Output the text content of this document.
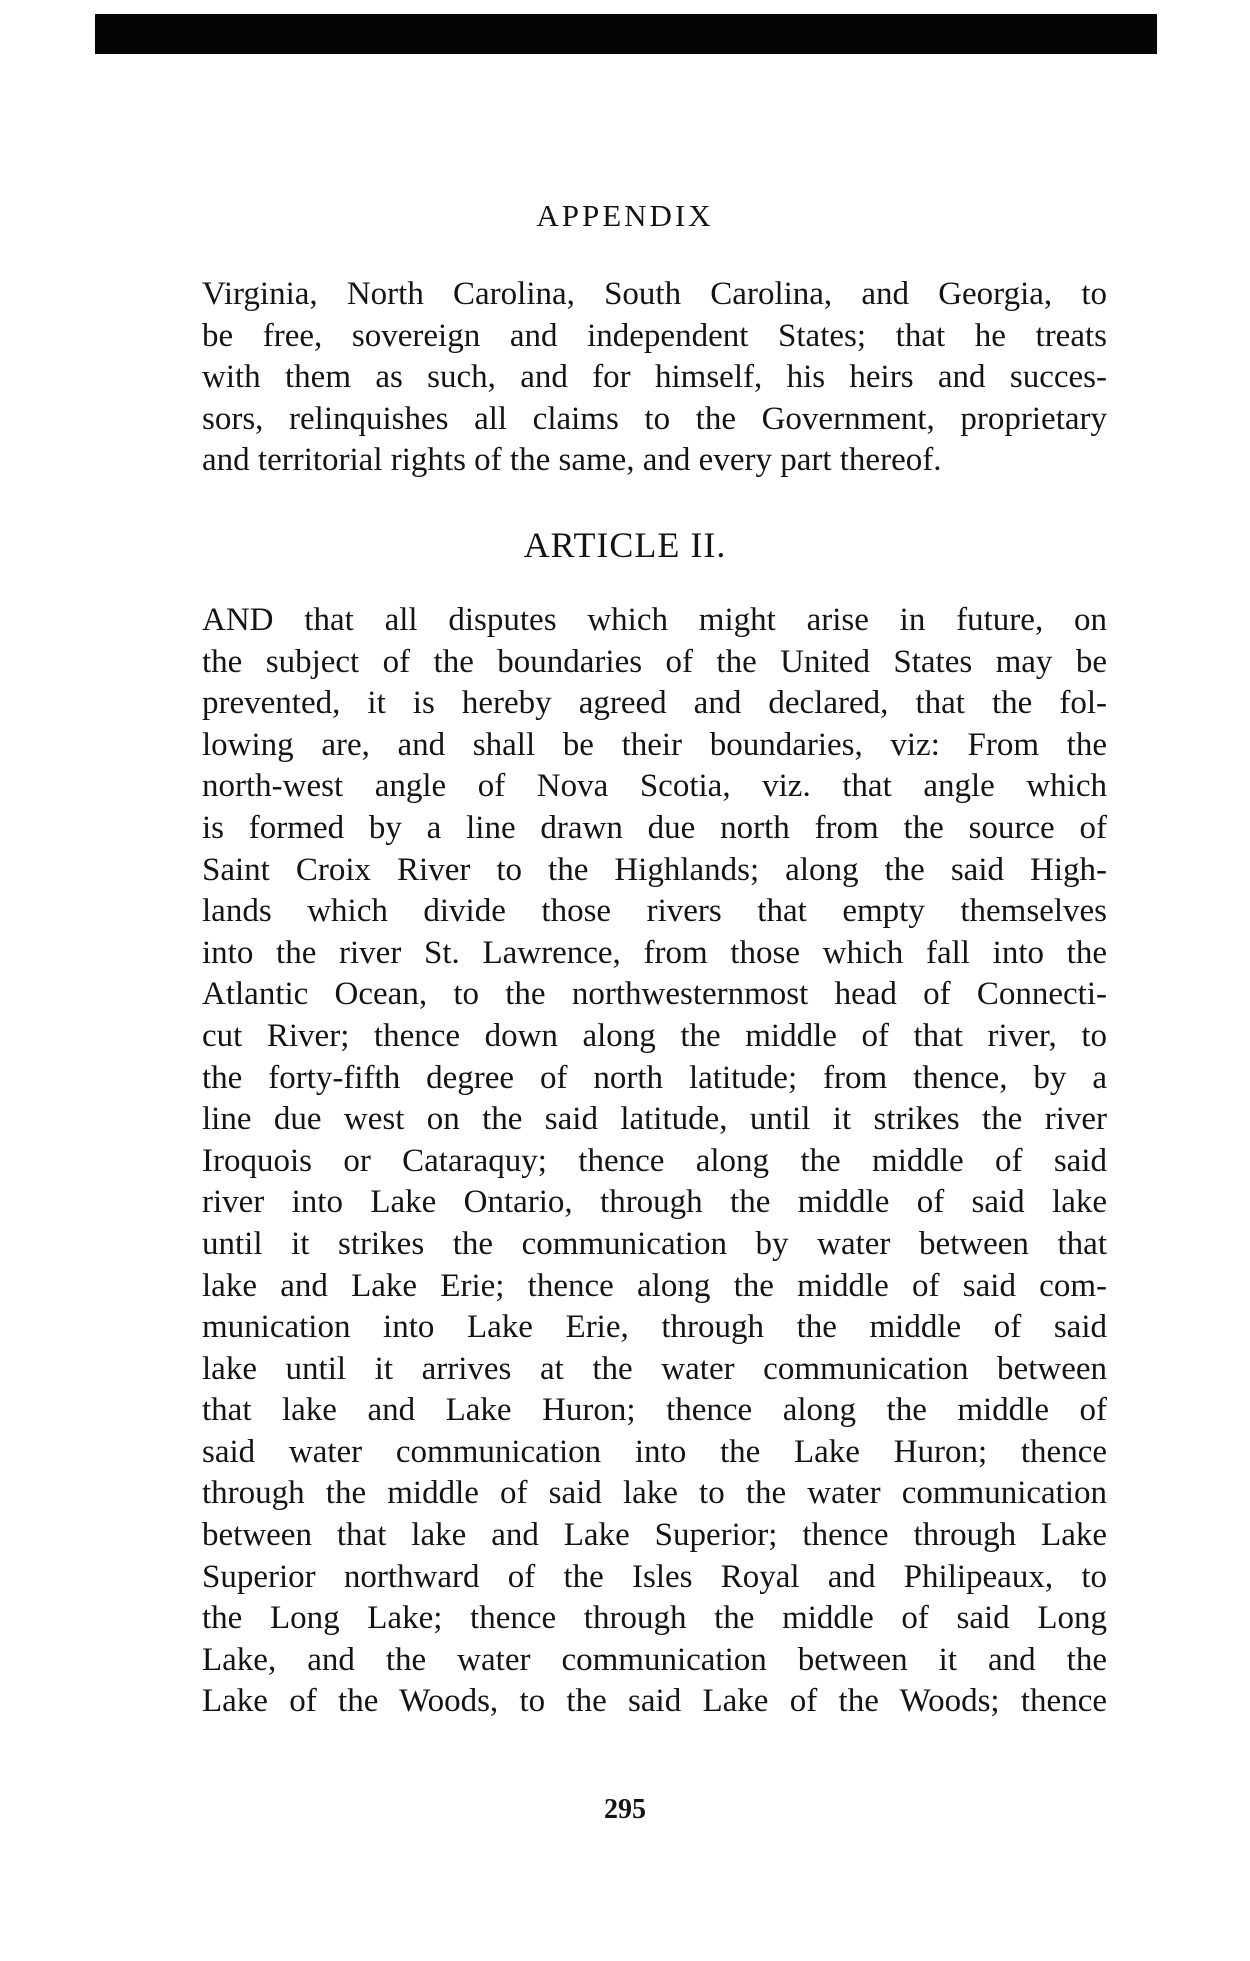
APPENDIX
Virginia, North Carolina, South Carolina, and Georgia, to
be free, sovereign and independent States; that he treats
with them as such, and for himself, his heirs and succes-
sors, relinquishes all claims to the Government, proprietary
and territorial rights of the same, and every part thereof.
ARTICLE II.
AND that all disputes which might arise in future, on
the subject of the boundaries of the United States may be
prevented, it is hereby agreed and declared, that the fol-
lowing are, and shall be their boundaries, viz: From the
north-west angle of Nova Scotia, viz. that angle which
is formed by a line drawn due north from the source of
Saint Croix River to the Highlands; along the said High-
lands which divide those rivers that empty themselves
into the river St. Lawrence, from those which fall into the
Atlantic Ocean, to the northwesternmost head of Connecti-
cut River; thence down along the middle of that river, to
the forty-fifth degree of north latitude; from thence, by a
line due west on the said latitude, until it strikes the river
Iroquois or Cataraquy; thence along the middle of said
river into Lake Ontario, through the middle of said lake
until it strikes the communication by water between that
lake and Lake Erie; thence along the middle of said com-
munication into Lake Erie, through the middle of said
lake until it arrives at the water communication between
that lake and Lake Huron; thence along the middle of
said water communication into the Lake Huron; thence
through the middle of said lake to the water communication
between that lake and Lake Superior; thence through Lake
Superior northward of the Isles Royal and Philipeaux, to
the Long Lake; thence through the middle of said Long
Lake, and the water communication between it and the
Lake of the Woods, to the said Lake of the Woods; thence
295
